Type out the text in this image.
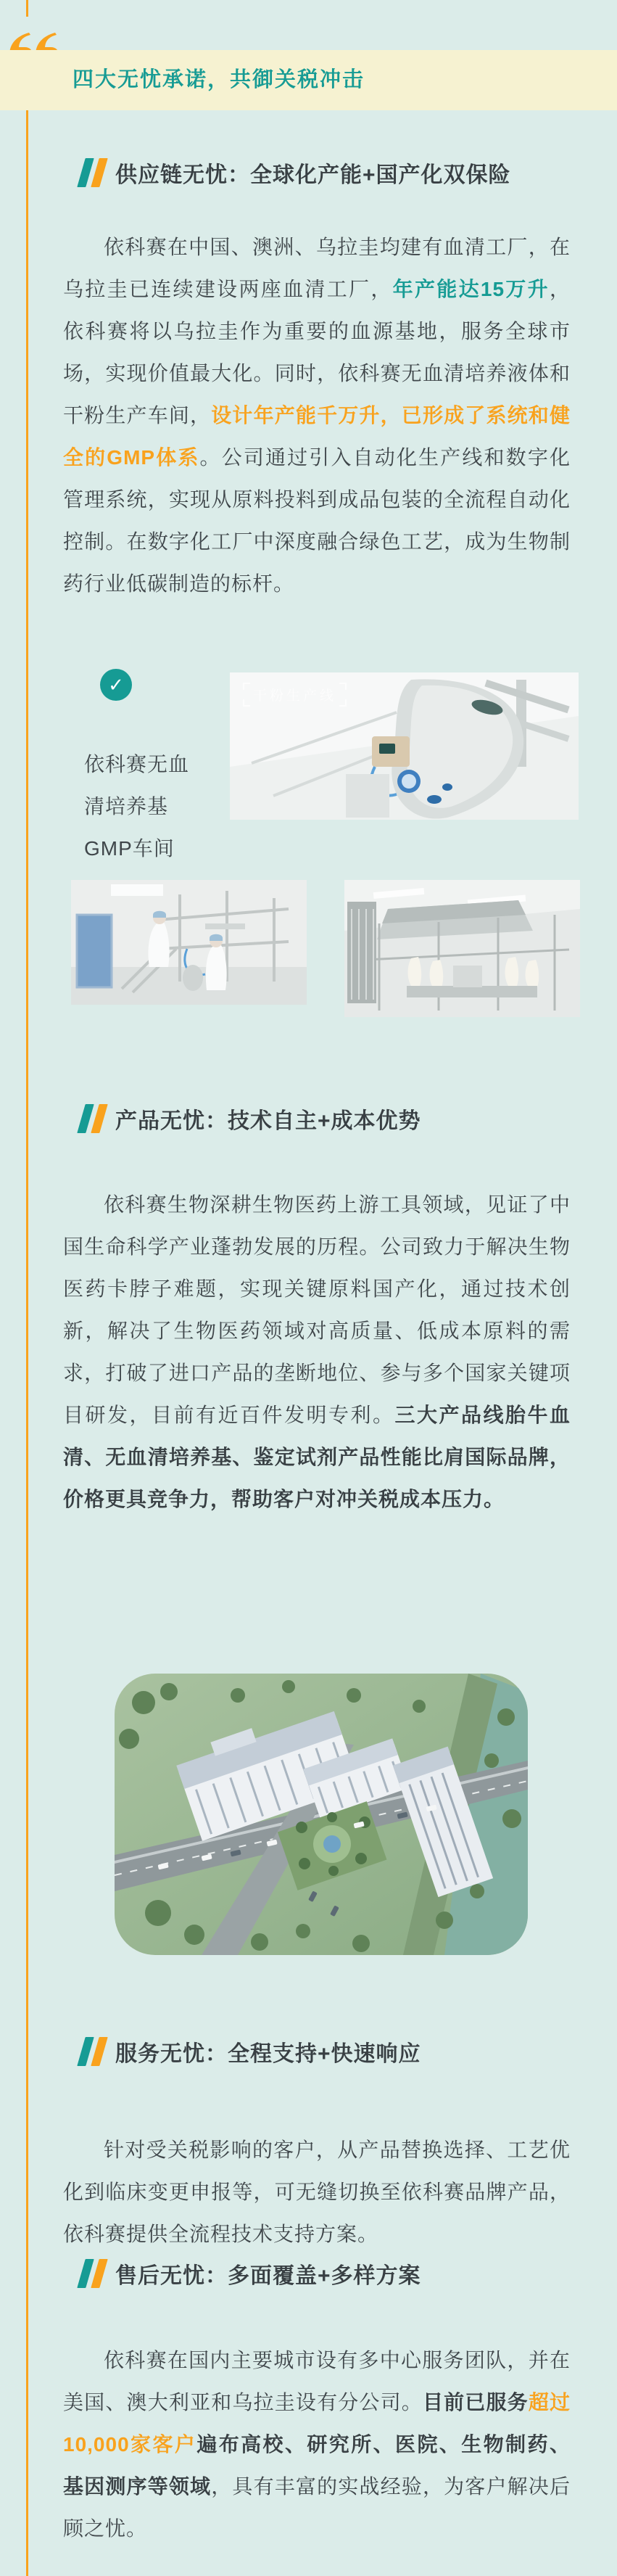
四大无忧承诺，共御关税冲击
供应链无忧：全球化产能+国产化双保险
依科赛在中国、澳洲、乌拉圭均建有血清工厂，在乌拉圭已连续建设两座血清工厂，年产能达15万升，依科赛将以乌拉圭作为重要的血源基地，服务全球市场，实现价值最大化。同时，依科赛无血清培养液体和干粉生产车间，设计年产能千万升，已形成了系统和健全的GMP体系。公司通过引入自动化生产线和数字化管理系统，实现从原料投料到成品包装的全流程自动化控制。在数字化工厂中深度融合绿色工艺，成为生物制药行业低碳制造的标杆。
✓
依科赛无血清培养基GMP车间
干粉生产线
产品无忧：技术自主+成本优势
依科赛生物深耕生物医药上游工具领域，见证了中国生命科学产业蓬勃发展的历程。公司致力于解决生物医药卡脖子难题，实现关键原料国产化，通过技术创新，解决了生物医药领域对高质量、低成本原料的需求，打破了进口产品的垄断地位、参与多个国家关键项目研发，目前有近百件发明专利。三大产品线胎牛血清、无血清培养基、鉴定试剂产品性能比肩国际品牌，价格更具竞争力，帮助客户对冲关税成本压力。
服务无忧：全程支持+快速响应
针对受关税影响的客户，从产品替换选择、工艺优化到临床变更申报等，可无缝切换至依科赛品牌产品，依科赛提供全流程技术支持方案。
售后无忧：多面覆盖+多样方案
依科赛在国内主要城市设有多中心服务团队，并在美国、澳大利亚和乌拉圭设有分公司。目前已服务超过10,000家客户遍布高校、研究所、医院、生物制药、基因测序等领域，具有丰富的实战经验，为客户解决后顾之忧。
